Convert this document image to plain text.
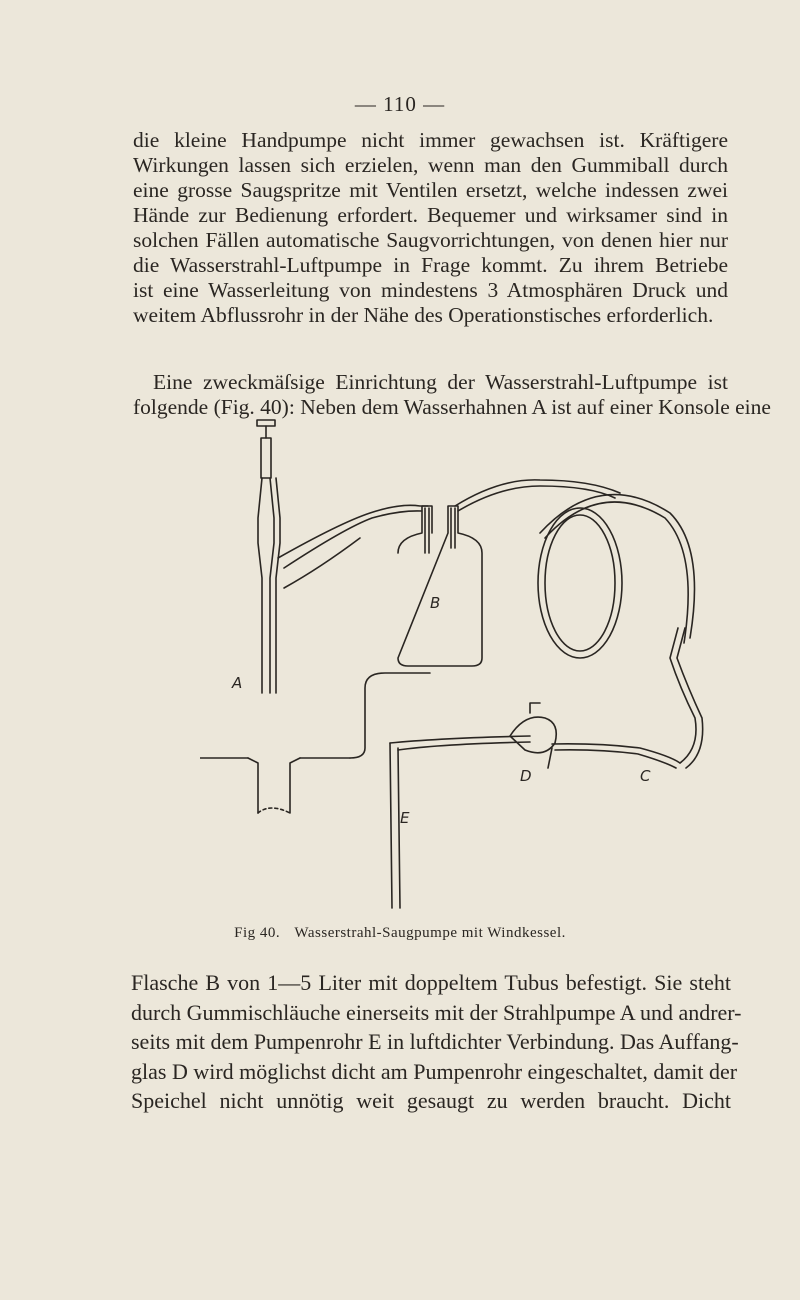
— 110 —

die kleine Handpumpe nicht immer gewachsen ist. Kräftigere
Wirkungen lassen sich erzielen, wenn man den Gummiball durch
eine grosse Saugspritze mit Ventilen ersetzt, welche indessen zwei
Hände zur Bedienung erfordert. Bequemer und wirksamer sind in
solchen Fällen automatische Saugvorrichtungen, von denen hier nur
die Wasserstrahl-Luftpumpe in Frage kommt. Zu ihrem Betriebe
ist eine Wasserleitung von mindestens 3 Atmosphären Druck und
weitem Abflussrohr in der Nähe des Operationstisches erforderlich.

Eine zweckmäſsige Einrichtung der Wasserstrahl-Luftpumpe ist
folgende (Fig. 40): Neben dem Wasserhahnen A ist auf einer Konsole eine

A
B
D	C
E
Fig 40. Wasserstrahl-Saugpumpe mit Windkessel.

Flasche B von 1—5 Liter mit doppeltem Tubus befestigt. Sie steht
durch Gummischläuche einerseits mit der Strahlpumpe A und andrer-
seits mit dem Pumpenrohr E in luftdichter Verbindung. Das Auffang-
glas D wird möglichst dicht am Pumpenrohr eingeschaltet, damit der
Speichel nicht unnötig weit gesaugt zu werden braucht. Dicht
